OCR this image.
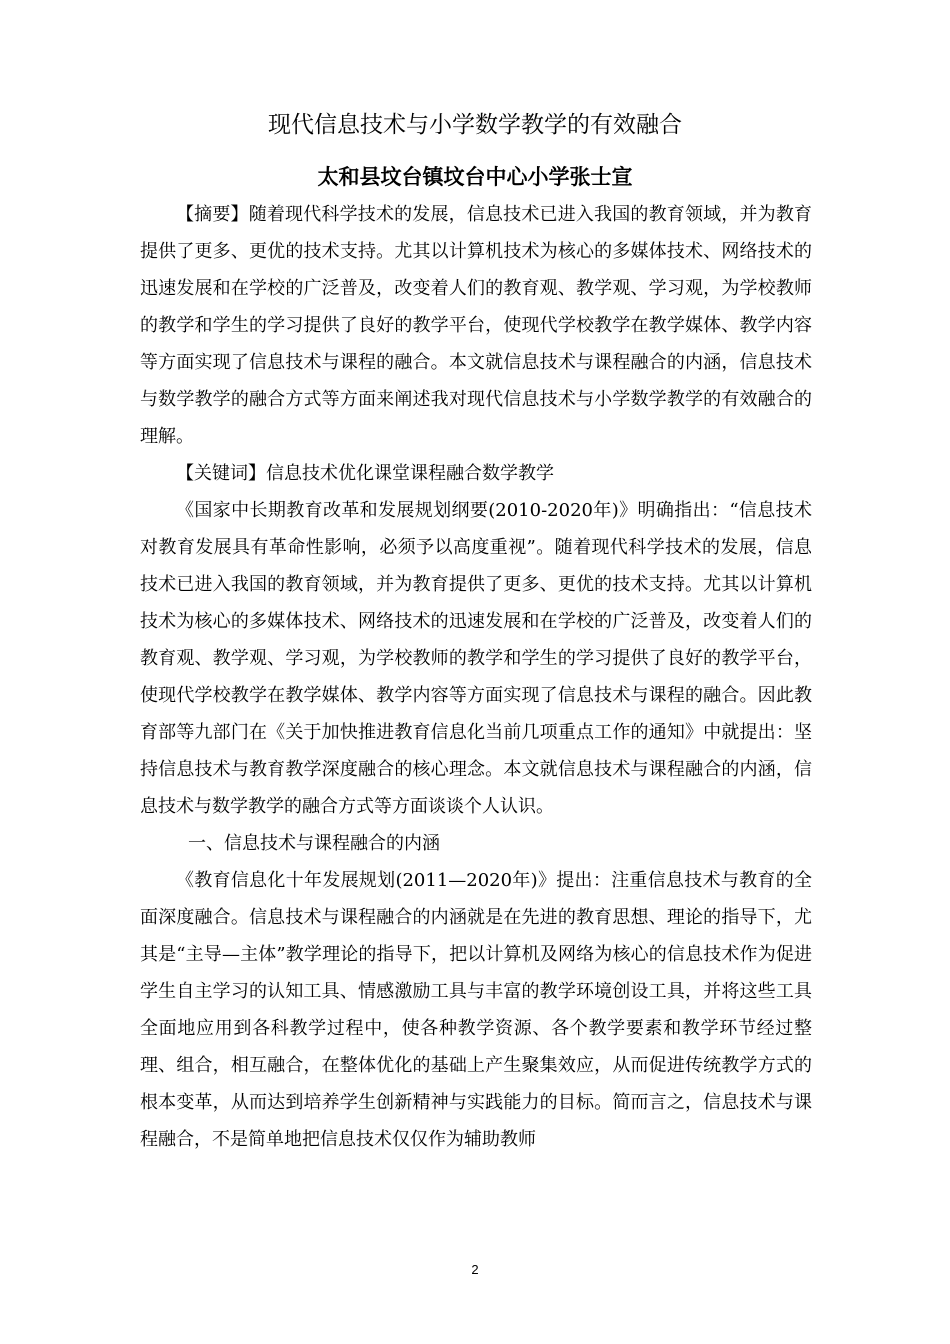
现代信息技术与小学数学教学的有效融合
太和县坟台镇坟台中心小学张士宣

【摘要】随着现代科学技术的发展，信息技术已进入我国的教育领域，并为教育提供了更多、更优的技术支持。尤其以计算机技术为核心的多媒体技术、网络技术的迅速发展和在学校的广泛普及，改变着人们的教育观、教学观、学习观，为学校教师的教学和学生的学习提供了良好的教学平台，使现代学校教学在教学媒体、教学内容等方面实现了信息技术与课程的融合。本文就信息技术与课程融合的内涵，信息技术与数学教学的融合方式等方面来阐述我对现代信息技术与小学数学教学的有效融合的理解。

【关键词】信息技术优化课堂课程融合数学教学

《国家中长期教育改革和发展规划纲要(2010-2020年)》明确指出：“信息技术对教育发展具有革命性影响，必须予以高度重视”。随着现代科学技术的发展，信息技术已进入我国的教育领域，并为教育提供了更多、更优的技术支持。尤其以计算机技术为核心的多媒体技术、网络技术的迅速发展和在学校的广泛普及，改变着人们的教育观、教学观、学习观，为学校教师的教学和学生的学习提供了良好的教学平台，使现代学校教学在教学媒体、教学内容等方面实现了信息技术与课程的融合。因此教育部等九部门在《关于加快推进教育信息化当前几项重点工作的通知》中就提出：坚持信息技术与教育教学深度融合的核心理念。本文就信息技术与课程融合的内涵，信息技术与数学教学的融合方式等方面谈谈个人认识。

一、信息技术与课程融合的内涵

《教育信息化十年发展规划(2011—2020年)》提出：注重信息技术与教育的全面深度融合。信息技术与课程融合的内涵就是在先进的教育思想、理论的指导下，尤其是“主导—主体”教学理论的指导下，把以计算机及网络为核心的信息技术作为促进学生自主学习的认知工具、情感激励工具与丰富的教学环境创设工具，并将这些工具全面地应用到各科教学过程中，使各种教学资源、各个教学要素和教学环节经过整理、组合，相互融合，在整体优化的基础上产生聚集效应，从而促进传统教学方式的根本变革，从而达到培养学生创新精神与实践能力的目标。简而言之，信息技术与课程融合，不是简单地把信息技术仅仅作为辅助教师

2
